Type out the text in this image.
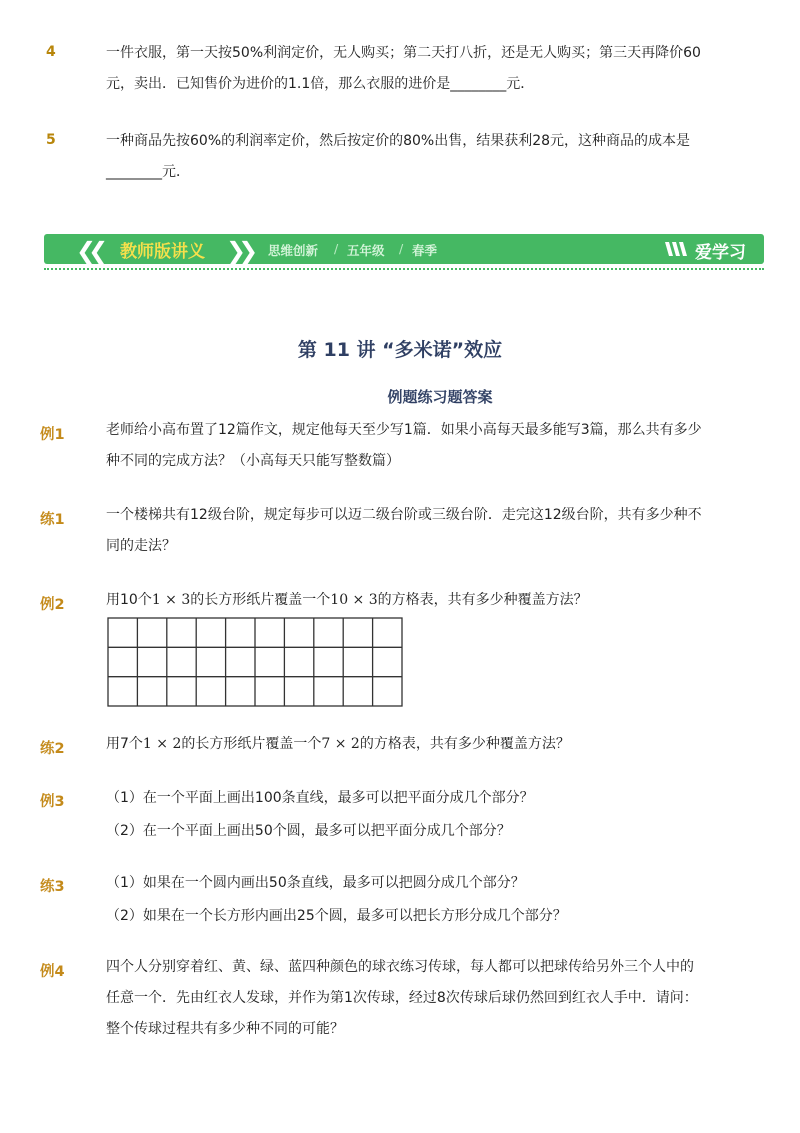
4	一件衣服，第一天按50%利润定价，无人购买；第二天打八折，还是无人购买；第三天再降价60
元，卖出．已知售价为进价的1.1倍，那么衣服的进价是________元．
5	一种商品先按60%的利润率定价，然后按定价的80%出售，结果获利28元，这种商品的成本是
________元．
❮❮ 教师版讲义 ❯❯ 思维创新 / 五年级 / 春季	爱学习
第 11 讲 “多米诺”效应
例题练习题答案
例1	老师给小高布置了12篇作文，规定他每天至少写1篇．如果小高每天最多能写3篇，那么共有多少
种不同的完成方法？（小高每天只能写整数篇）
练1	一个楼梯共有12级台阶，规定每步可以迈二级台阶或三级台阶．走完这12级台阶，共有多少种不
同的走法？
例2	用10个1 × 3的长方形纸片覆盖一个10 × 3的方格表，共有多少种覆盖方法？
练2	用7个1 × 2的长方形纸片覆盖一个7 × 2的方格表，共有多少种覆盖方法？
例3	（1）在一个平面上画出100条直线，最多可以把平面分成几个部分？
（2）在一个平面上画出50个圆，最多可以把平面分成几个部分？
练3	（1）如果在一个圆内画出50条直线，最多可以把圆分成几个部分？
（2）如果在一个长方形内画出25个圆，最多可以把长方形分成几个部分？
例4	四个人分别穿着红、黄、绿、蓝四种颜色的球衣练习传球，每人都可以把球传给另外三个人中的
任意一个．先由红衣人发球，并作为第1次传球，经过8次传球后球仍然回到红衣人手中．请问：
整个传球过程共有多少种不同的可能？
